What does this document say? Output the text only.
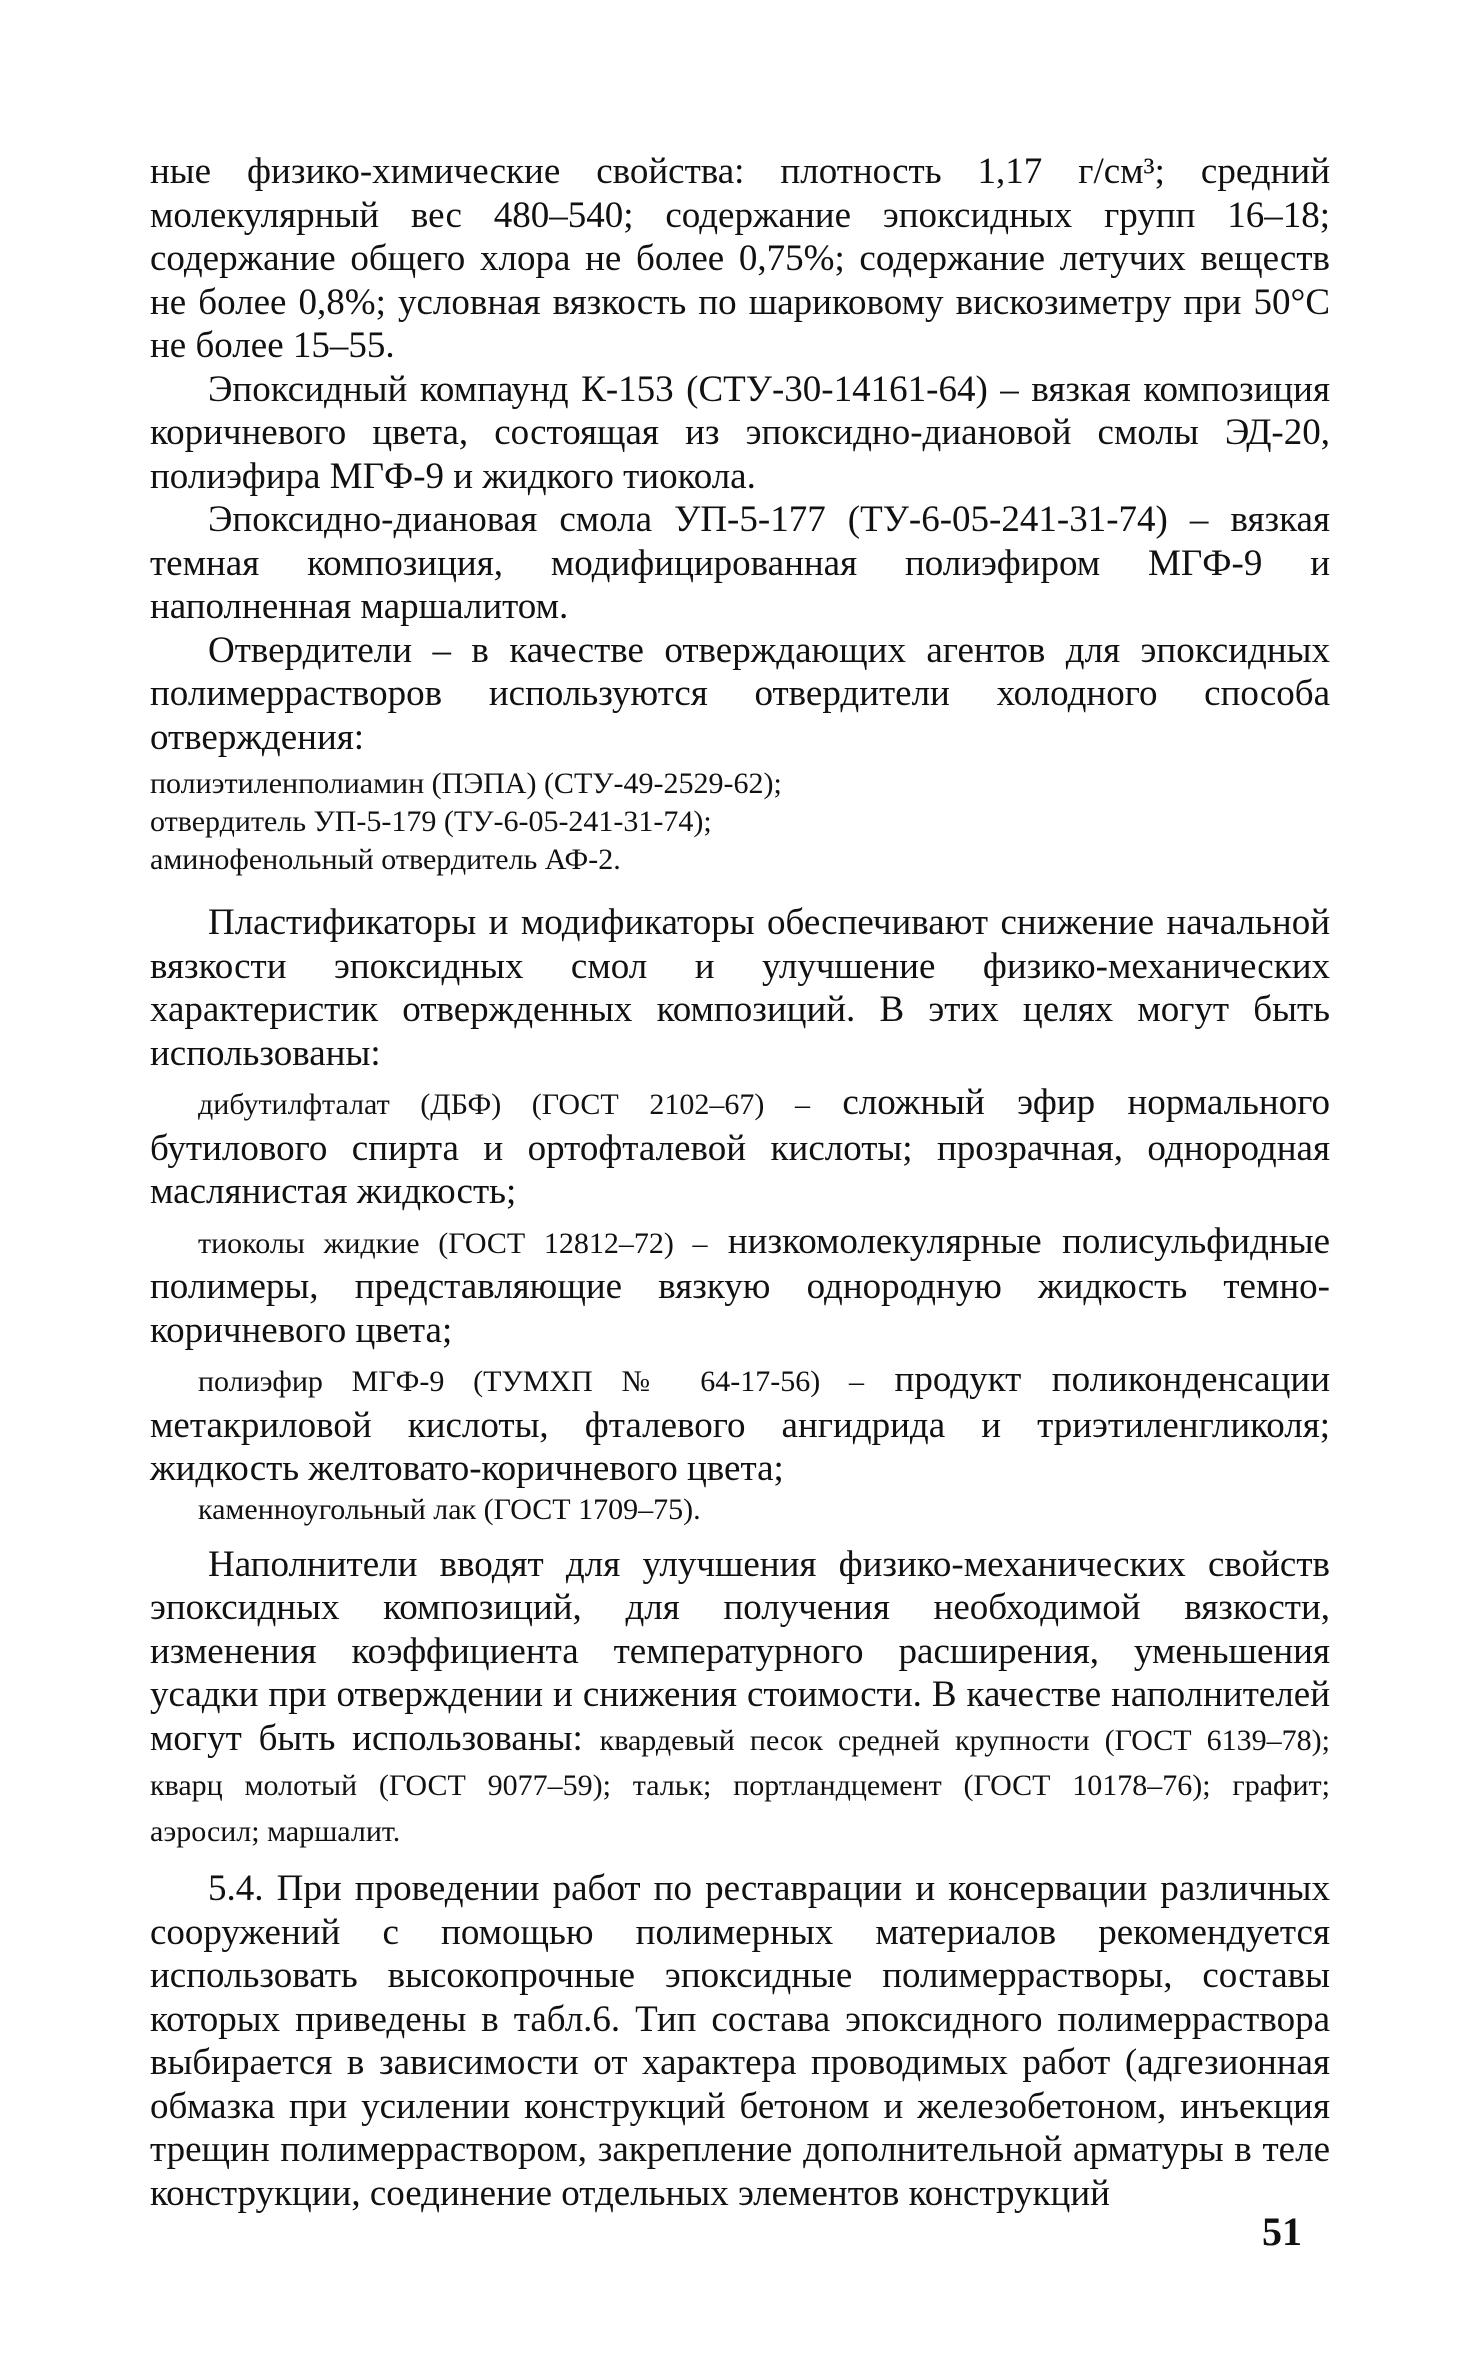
ные физико-химические свойства: плотность 1,17 г/см³; средний молекулярный вес 480–540; содержание эпоксидных групп 16–18; содержание общего хлора не более 0,75%; содержание летучих веществ не более 0,8%; условная вязкость по шариковому вискозиметру при 50°С не более 15–55.

Эпоксидный компаунд К-153 (СТУ-30-14161-64) – вязкая композиция коричневого цвета, состоящая из эпоксидно-диановой смолы ЭД-20, полиэфира МГФ-9 и жидкого тиокола.

Эпоксидно-диановая смола УП-5-177 (ТУ-6-05-241-31-74) – вязкая темная композиция, модифицированная полиэфиром МГФ-9 и наполненная маршалитом.

Отвердители – в качестве отверждающих агентов для эпоксидных полимеррастворов используются отвердители холодного способа отверждения:

полиэтиленполиамин (ПЭПА) (СТУ-49-2529-62);

отвердитель УП-5-179 (ТУ-6-05-241-31-74);

аминофенольный отвердитель АФ-2.

Пластификаторы и модификаторы обеспечивают снижение начальной вязкости эпоксидных смол и улучшение физико-механических характеристик отвержденных композиций. В этих целях могут быть использованы:

дибутилфталат (ДБФ) (ГОСТ 2102–67) – сложный эфир нормального бутилового спирта и ортофталевой кислоты; прозрачная, однородная маслянистая жидкость;

тиоколы жидкие (ГОСТ 12812–72) – низкомолекулярные полисульфидные полимеры, представляющие вязкую однородную жидкость темно-коричневого цвета;

полиэфир МГФ-9 (ТУМХП № 64-17-56) – продукт поликонденсации метакриловой кислоты, фталевого ангидрида и триэтиленгликоля; жидкость желтовато-коричневого цвета;

каменноугольный лак (ГОСТ 1709–75).

Наполнители вводят для улучшения физико-механических свойств эпоксидных композиций, для получения необходимой вязкости, изменения коэффициента температурного расширения, уменьшения усадки при отверждении и снижения стоимости. В качестве наполнителей могут быть использованы: квардевый песок средней крупности (ГОСТ 6139–78); кварц молотый (ГОСТ 9077–59); тальк; портландцемент (ГОСТ 10178–76); графит; аэросил; маршалит.

5.4. При проведении работ по реставрации и консервации различных сооружений с помощью полимерных материалов рекомендуется использовать высокопрочные эпоксидные полимеррастворы, составы которых приведены в табл.6. Тип состава эпоксидного полимерраствора выбирается в зависимости от характера проводимых работ (адгезионная обмазка при усилении конструкций бетоном и железобетоном, инъекция трещин полимерраствором, закрепление дополнительной арматуры в теле конструкции, соединение отдельных элементов конструкций

51
